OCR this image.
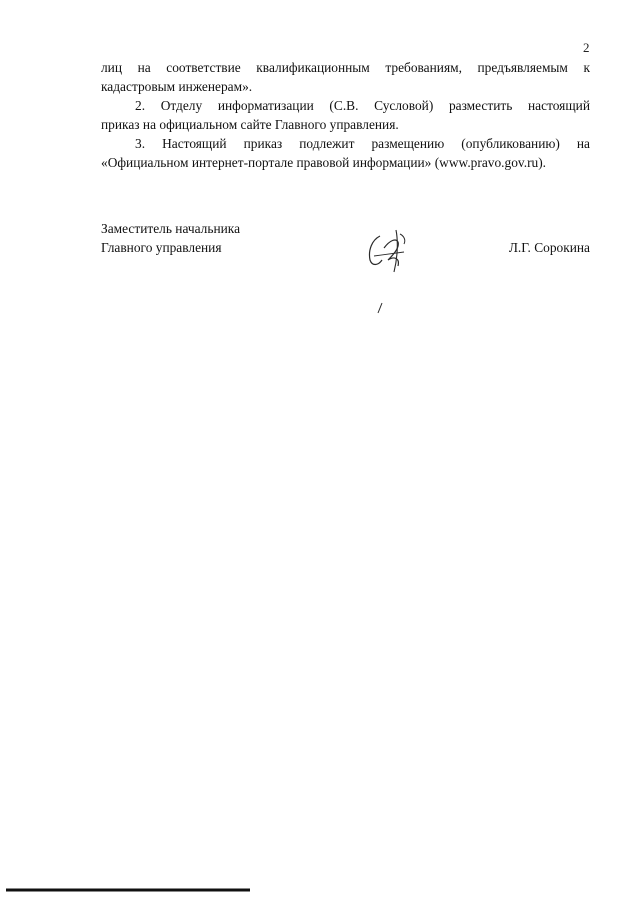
2
лиц на соответствие квалификационным требованиям, предъявляемым к
кадастровым инженерам».
2. Отделу информатизации (С.В. Сусловой) разместить настоящий
приказ на официальном сайте Главного управления.
3. Настоящий приказ подлежит размещению (опубликованию) на
«Официальном интернет-портале правовой информации» (www.pravo.gov.ru).
Заместитель начальника
Главного управления	Л.Г. Сорокина
